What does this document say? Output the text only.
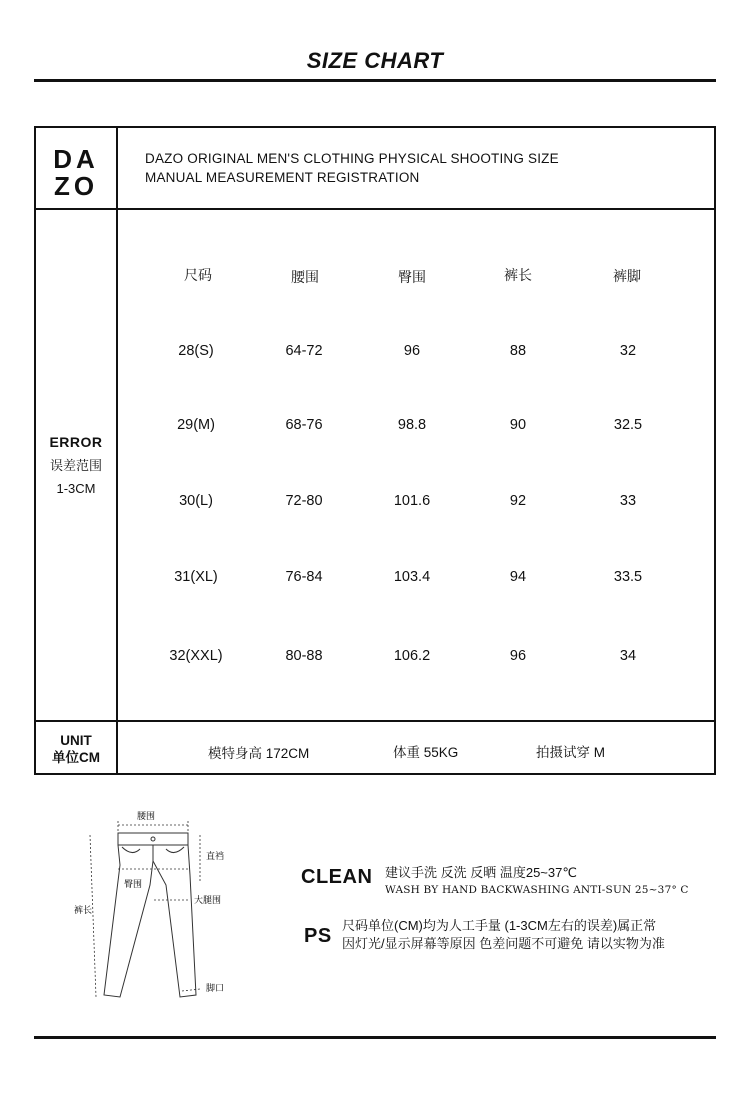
SIZE CHART
DA
ZO
DAZO ORIGINAL MEN'S CLOTHING PHYSICAL SHOOTING SIZE
MANUAL MEASUREMENT REGISTRATION
ERROR
误差范围
1-3CM
尺码	腰围	臀围	裤长	裤脚
28(S)	64-72	96	88	32
29(M)	68-76	98.8	90	32.5
30(L)	72-80	101.6	92	33
31(XL)	76-84	103.4	94	33.5
32(XXL)	80-88	106.2	96	34
UNIT
单位CM	模特身高 172CM	体重 55KG	拍摄试穿 M
腰围
直裆
臀围
大腿围
裤长
脚口
CLEAN 建议手洗 反洗 反晒 温度25~37℃
WASH BY HAND BACKWASHING ANTI-SUN 25~37° C
PS 尺码单位(CM)均为人工手量 (1-3CM左右的误差)属正常
因灯光/显示屏幕等原因 色差问题不可避免 请以实物为准
